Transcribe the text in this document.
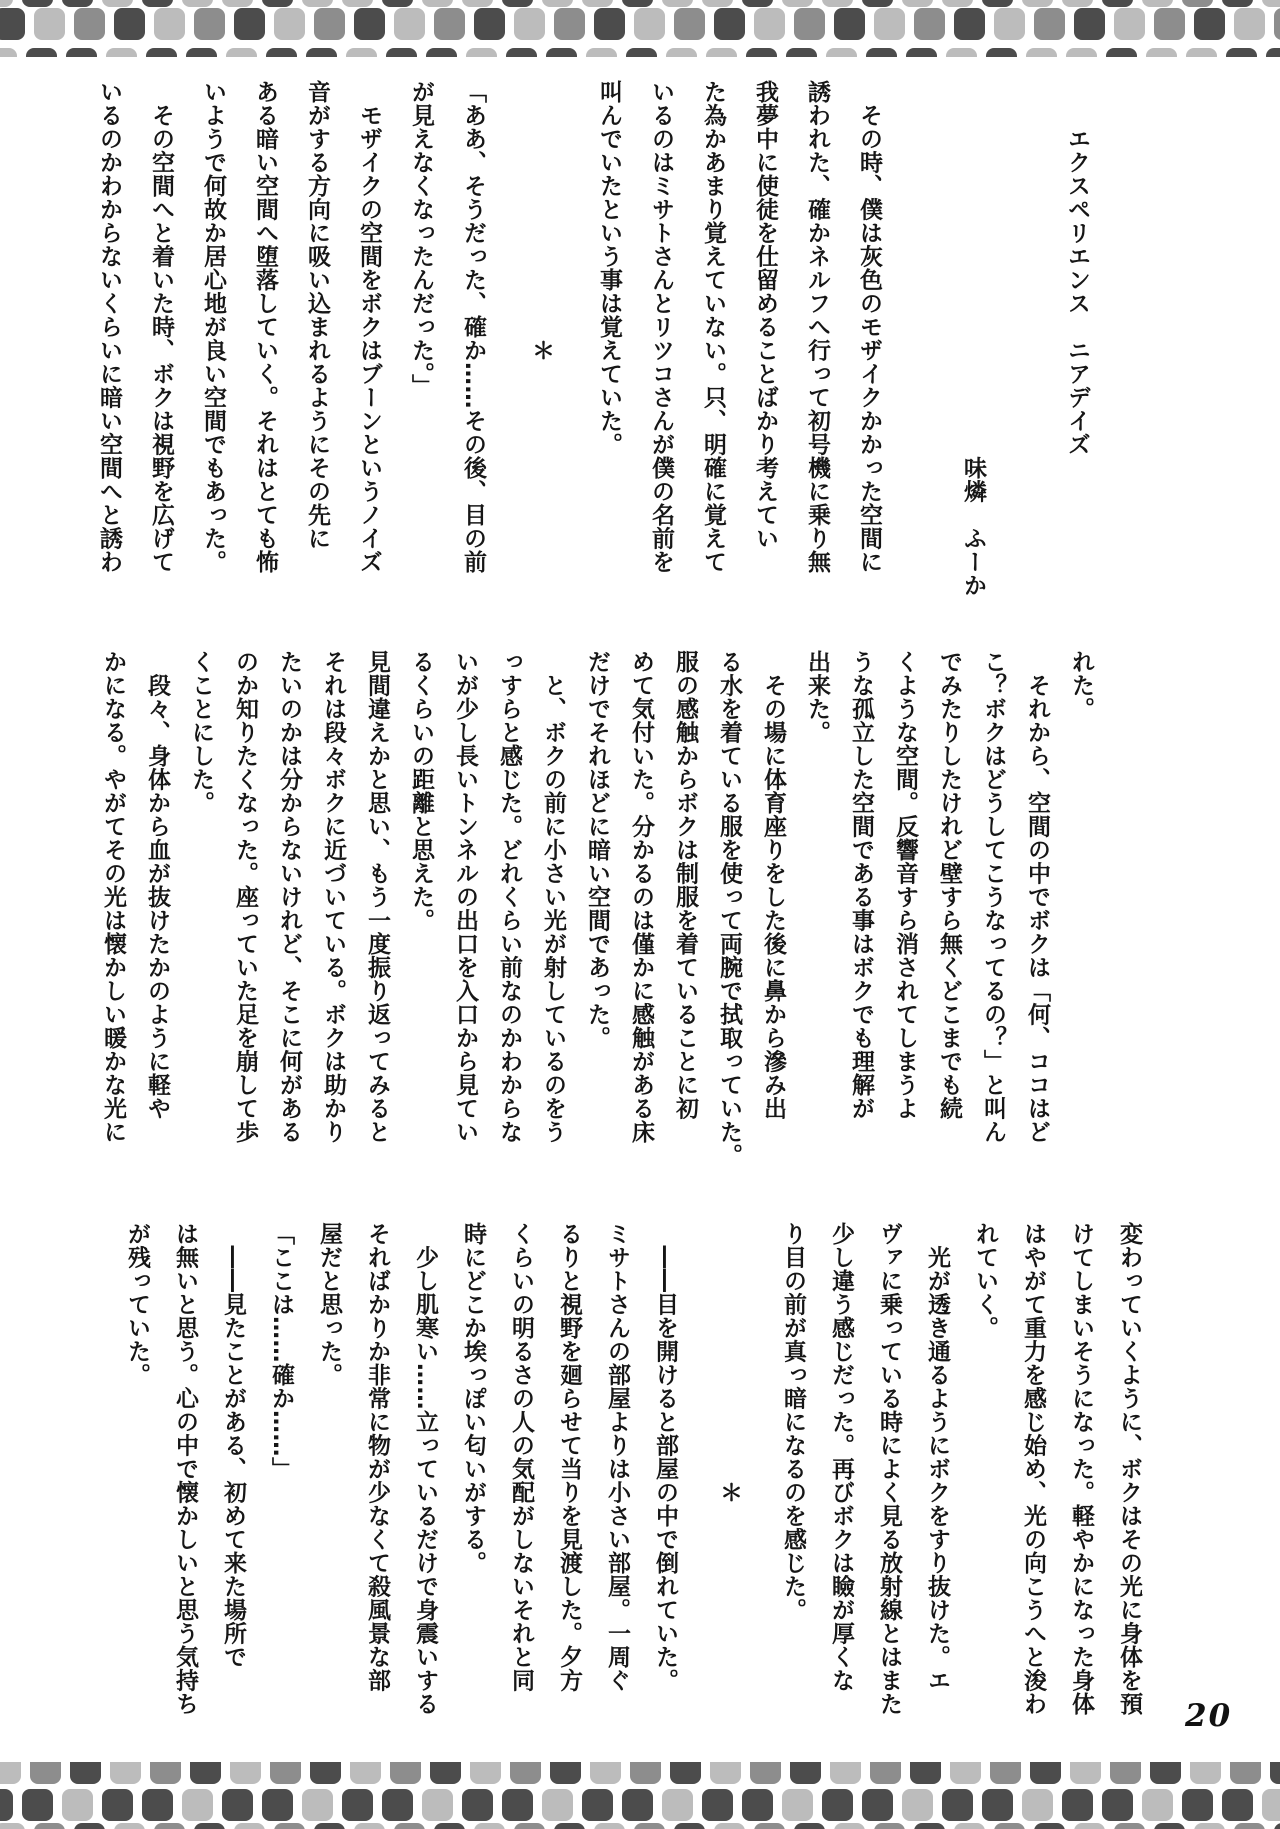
　　エクスペリエンス　ニアデイズ

　　　　　　　　　　　　　　　　味燐　ふーか

　その時、僕は灰色のモザイクかかった空間に
誘われた、確かネルフへ行って初号機に乗り無
我夢中に使徒を仕留めることばかり考えてい
た為かあまり覚えていない。只、明確に覚えて
いるのはミサトさんとリツコさんが僕の名前を
叫んでいたという事は覚えていた。
　　　　　　　　　　　＊
「ああ、そうだった、確か……その後、目の前
が見えなくなったんだった。」
　モザイクの空間をボクはブーンというノイズ
音がする方向に吸い込まれるようにその先に
ある暗い空間へ堕落していく。それはとても怖
いようで何故か居心地が良い空間でもあった。
　その空間へと着いた時、ボクは視野を広げて
いるのかわからないくらいに暗い空間へと誘わ
れた。
　それから、空間の中でボクは「何、ココはど
こ？ボクはどうしてこうなってるの？」と叫ん
でみたりしたけれど壁すら無くどこまでも続
くような空間。反響音すら消されてしまうよ
うな孤立した空間である事はボクでも理解が
出来た。
　その場に体育座りをした後に鼻から滲み出
る水を着ている服を使って両腕で拭取っていた。
服の感触からボクは制服を着ていることに初
めて気付いた。分かるのは僅かに感触がある床
だけでそれほどに暗い空間であった。
　と、ボクの前に小さい光が射しているのをう
っすらと感じた。どれくらい前なのかわからな
いが少し長いトンネルの出口を入口から見てい
るくらいの距離と思えた。
見間違えかと思い、もう一度振り返ってみると
それは段々ボクに近づいている。ボクは助かり
たいのかは分からないけれど、そこに何がある
のか知りたくなった。座っていた足を崩して歩
くことにした。
　段々、身体から血が抜けたかのように軽や
かになる。やがてその光は懐かしい暖かな光に
変わっていくように、ボクはその光に身体を預
けてしまいそうになった。軽やかになった身体
はやがて重力を感じ始め、光の向こうへと浚わ
れていく。
　光が透き通るようにボクをすり抜けた。エ
ヴァに乗っている時によく見る放射線とはまた
少し違う感じだった。再びボクは瞼が厚くな
り目の前が真っ暗になるのを感じた。
　　　　　　　　　　　＊
　――目を開けると部屋の中で倒れていた。
ミサトさんの部屋よりは小さい部屋。一周ぐ
るりと視野を廻らせて当りを見渡した。夕方
くらいの明るさの人の気配がしないそれと同
時にどこか埃っぽい匂いがする。
　少し肌寒い……立っているだけで身震いする
そればかりか非常に物が少なくて殺風景な部
屋だと思った。
「ここは……確か……」
　――見たことがある、初めて来た場所で
は無いと思う。心の中で懐かしいと思う気持ち
が残っていた。
20
